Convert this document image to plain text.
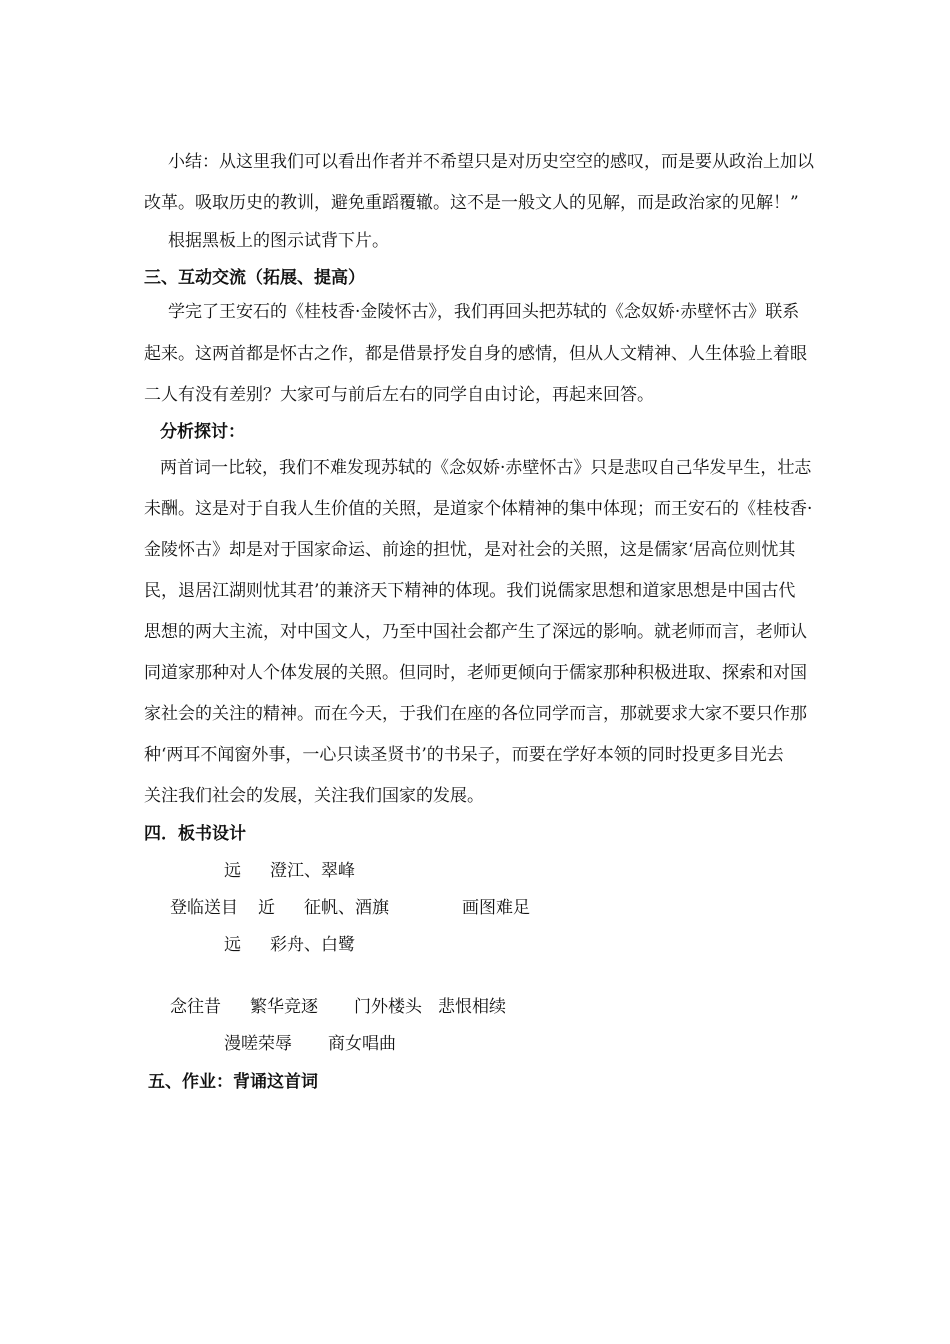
小结：从这里我们可以看出作者并不希望只是对历史空空的感叹，而是要从政治上加以
改革。吸取历史的教训，避免重蹈覆辙。这不是一般文人的见解，而是政治家的见解！”
根据黑板上的图示试背下片。
三、互动交流（拓展、提高）
学完了王安石的《桂枝香·金陵怀古》，我们再回头把苏轼的《念奴娇·赤壁怀古》联系
起来。这两首都是怀古之作，都是借景抒发自身的感情，但从人文精神、人生体验上着眼
二人有没有差别？大家可与前后左右的同学自由讨论，再起来回答。
分析探讨：
两首词一比较，我们不难发现苏轼的《念奴娇·赤壁怀古》只是悲叹自己华发早生，壮志
未酬。这是对于自我人生价值的关照，是道家个体精神的集中体现；而王安石的《桂枝香·
金陵怀古》却是对于国家命运、前途的担忧，是对社会的关照，这是儒家‘居高位则忧其
民，退居江湖则忧其君’的兼济天下精神的体现。我们说儒家思想和道家思想是中国古代
思想的两大主流，对中国文人，乃至中国社会都产生了深远的影响。就老师而言，老师认
同道家那种对人个体发展的关照。但同时，老师更倾向于儒家那种积极进取、探索和对国
家社会的关注的精神。而在今天，于我们在座的各位同学而言，那就要求大家不要只作那
种‘两耳不闻窗外事，一心只读圣贤书’的书呆子，而要在学好本领的同时投更多目光去
关注我们社会的发展，关注我们国家的发展。
四．板书设计
远 澄江、翠峰
登临送目 近 征帆、酒旗	画图难足
远 彩舟、白鹭
念往昔 繁华竞逐 门外楼头 悲恨相续
漫嗟荣辱 商女唱曲
五、作业：背诵这首词
